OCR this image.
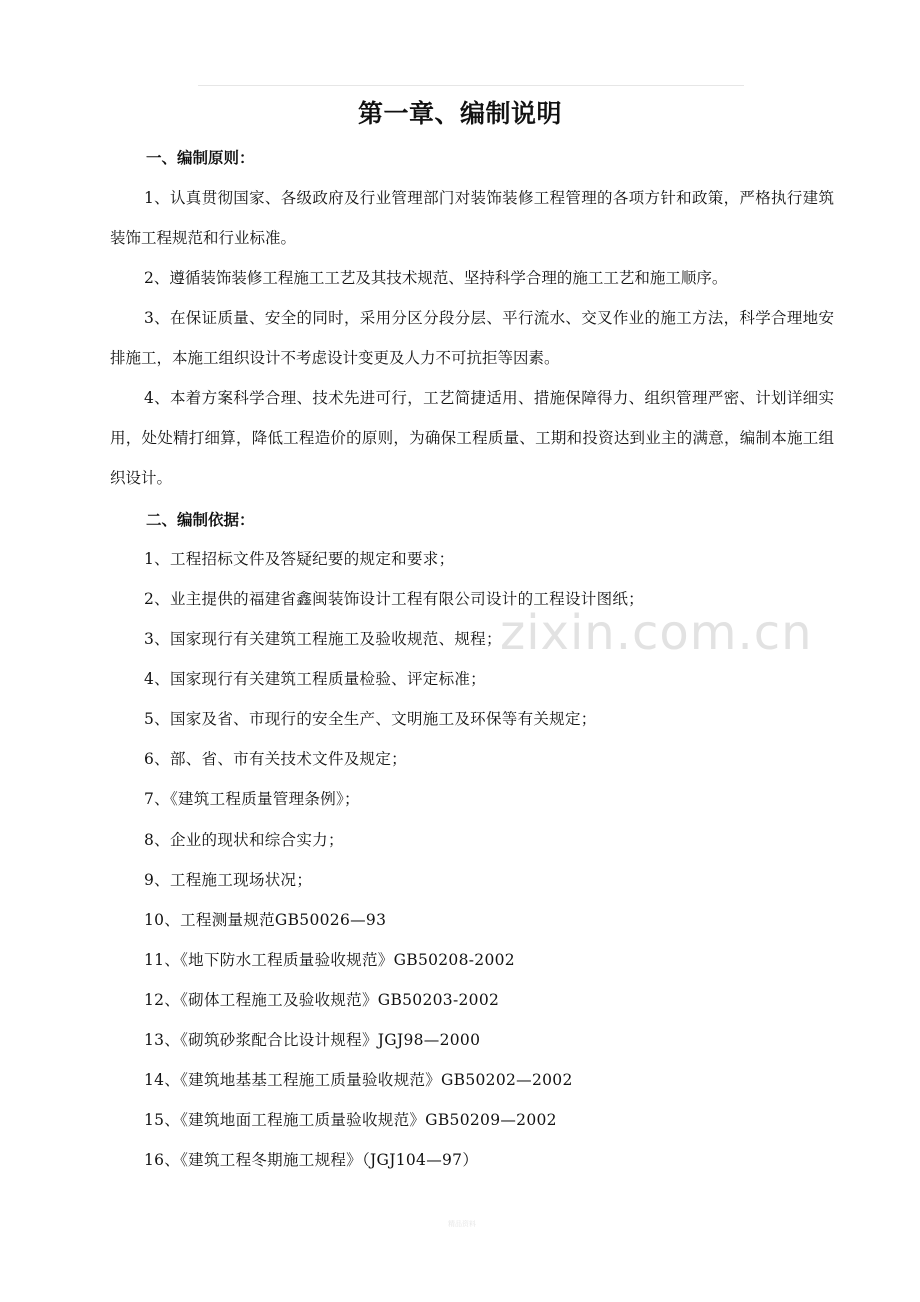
第一章、编制说明
一、编制原则：
1、认真贯彻国家、各级政府及行业管理部门对装饰装修工程管理的各项方针和政策，严格执行建筑装饰工程规范和行业标准。
2、遵循装饰装修工程施工工艺及其技术规范、坚持科学合理的施工工艺和施工顺序。
3、在保证质量、安全的同时，采用分区分段分层、平行流水、交叉作业的施工方法，科学合理地安排施工，本施工组织设计不考虑设计变更及人力不可抗拒等因素。
4、本着方案科学合理、技术先进可行，工艺简捷适用、措施保障得力、组织管理严密、计划详细实用，处处精打细算，降低工程造价的原则，为确保工程质量、工期和投资达到业主的满意，编制本施工组织设计。
二、编制依据：
1、工程招标文件及答疑纪要的规定和要求；
2、业主提供的福建省鑫闽装饰设计工程有限公司设计的工程设计图纸；
3、国家现行有关建筑工程施工及验收规范、规程；
4、国家现行有关建筑工程质量检验、评定标准；
5、国家及省、市现行的安全生产、文明施工及环保等有关规定；
6、部、省、市有关技术文件及规定；
7、《建筑工程质量管理条例》；
8、企业的现状和综合实力；
9、工程施工现场状况；
10、工程测量规范GB50026—93
11、《地下防水工程质量验收规范》GB50208-2002
12、《砌体工程施工及验收规范》GB50203-2002
13、《砌筑砂浆配合比设计规程》JGJ98—2000
14、《建筑地基基工程施工质量验收规范》GB50202—2002
15、《建筑地面工程施工质量验收规范》GB50209—2002
16、《建筑工程冬期施工规程》（JGJ104—97）
zixin.com.cn
精品资料
